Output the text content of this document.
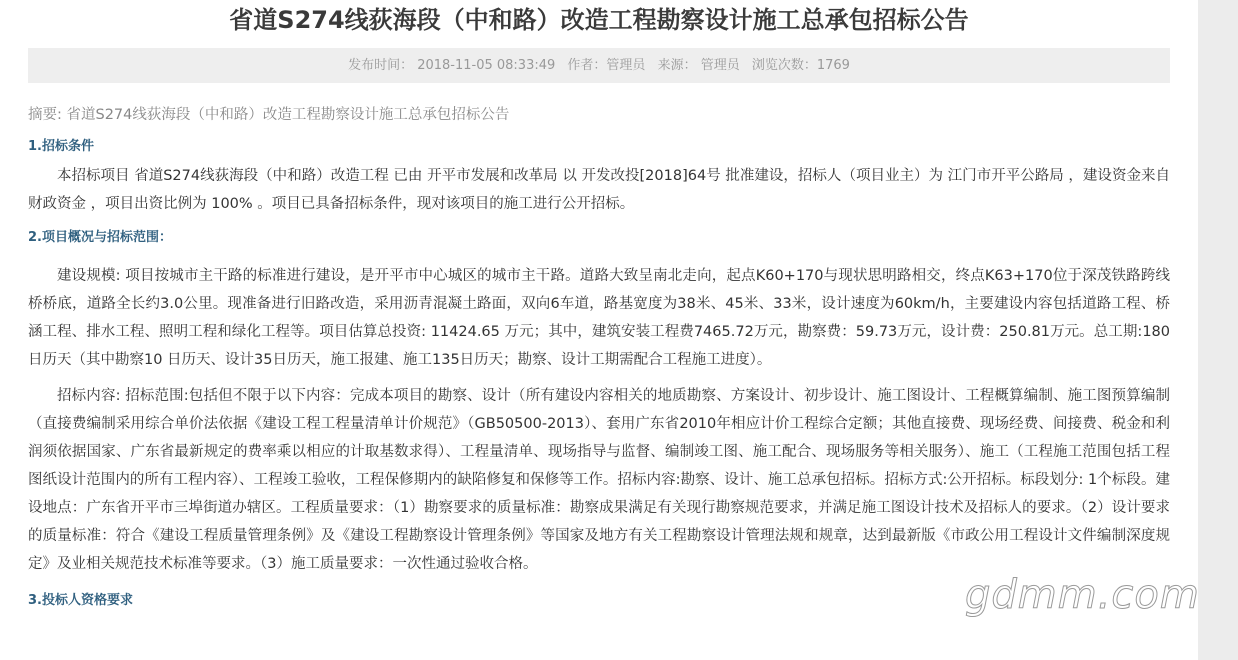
省道S274线荻海段（中和路）改造工程勘察设计施工总承包招标公告
发布时间： 2018-11-05 08:33:49 作者：管理员 来源： 管理员 浏览次数：1769
摘要: 省道S274线荻海段（中和路）改造工程勘察设计施工总承包招标公告
1.招标条件

本招标项目 省道S274线荻海段（中和路）改造工程 已由 开平市发展和改革局 以 开发改投[2018]64号 批准建设，招标人（项目业主）为 江门市开平公路局 ，建设资金来自 财政资金 ，项目出资比例为 100% 。项目已具备招标条件，现对该项目的施工进行公开招标。

2.项目概况与招标范围：

建设规模: 项目按城市主干路的标准进行建设，是开平市中心城区的城市主干路。道路大致呈南北走向，起点K60+170与现状思明路相交，终点K63+170位于深茂铁路跨线桥桥底，道路全长约3.0公里。现准备进行旧路改造，采用沥青混凝土路面，双向6车道，路基宽度为38米、45米、33米，设计速度为60km/h，主要建设内容包括道路工程、桥涵工程、排水工程、照明工程和绿化工程等。项目估算总投资: 11424.65 万元；其中，建筑安装工程费7465.72万元，勘察费：59.73万元，设计费：250.81万元。总工期:180日历天（其中勘察10 日历天、设计35日历天，施工报建、施工135日历天；勘察、设计工期需配合工程施工进度）。

招标内容: 招标范围:包括但不限于以下内容：完成本项目的勘察、设计（所有建设内容相关的地质勘察、方案设计、初步设计、施工图设计、工程概算编制、施工图预算编制（直接费编制采用综合单价法依据《建设工程工程量清单计价规范》（GB50500-2013）、套用广东省2010年相应计价工程综合定额；其他直接费、现场经费、间接费、税金和利润须依据国家、广东省最新规定的费率乘以相应的计取基数求得）、工程量清单、现场指导与监督、编制竣工图、施工配合、现场服务等相关服务）、施工（工程施工范围包括工程图纸设计范围内的所有工程内容）、工程竣工验收，工程保修期内的缺陷修复和保修等工作。招标内容:勘察、设计、施工总承包招标。招标方式:公开招标。标段划分: 1个标段。建设地点：广东省开平市三埠街道办辖区。工程质量要求：（1）勘察要求的质量标准：勘察成果满足有关现行勘察规范要求，并满足施工图设计技术及招标人的要求。（2）设计要求的质量标准：符合《建设工程质量管理条例》及《建设工程勘察设计管理条例》等国家及地方有关工程勘察设计管理法规和规章，达到最新版《市政公用工程设计文件编制深度规定》及业相关规范技术标准等要求。（3）施工质量要求：一次性通过验收合格。

3.投标人资格要求	gdmm.com
